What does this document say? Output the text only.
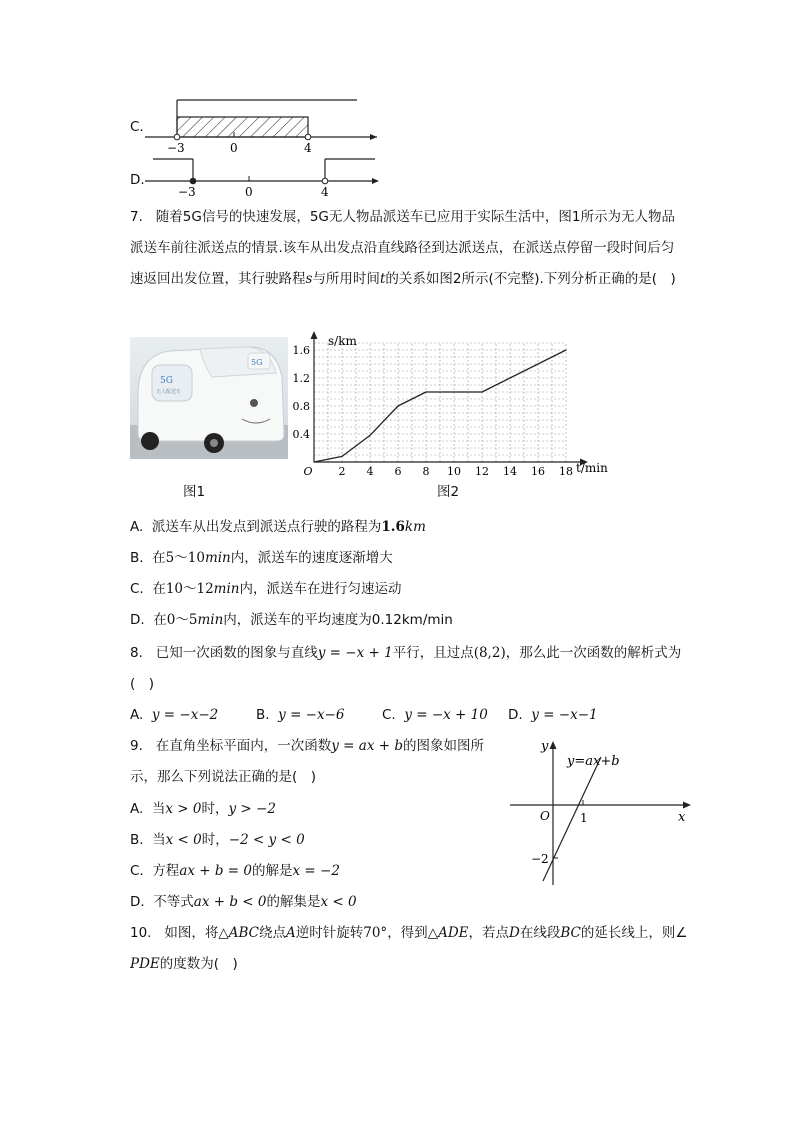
C.
−3	0	4
D.
−3	0	4
7. 随着5G信号的快速发展，5G无人物品派送车已应用于实际生活中，图1所示为无人物品
派送车前往派送点的情景.该车从出发点沿直线路径到达派送点，在派送点停留一段时间后匀
速返回出发位置，其行驶路程s与所用时间t的关系如图2所示(不完整).下列分析正确的是(　)
5G
无人配送车
5G
图1
2 4 6 8 10 12 14 16 18
0.4
0.8
1.2
1.6
O
s/km
t/min
图2
A. 派送车从出发点到派送点行驶的路程为1.6km
B. 在5～10min内，派送车的速度逐渐增大
C. 在10～12min内，派送车在进行匀速运动
D. 在0～5min内，派送车的平均速度为0.12km/min
8. 已知一次函数的图象与直线y = −x + 1平行，且过点(8,2)，那么此一次函数的解析式为
(　)
A. y = −x−2	B. y = −x−6	C. y = −x + 10 D. y = −x−1
9. 在直角坐标平面内，一次函数y = ax + b的图象如图所
示，那么下列说法正确的是(　)
A. 当x > 0时，y > −2
B. 当x < 0时，−2 < y < 0
C. 方程ax + b = 0的解是x = −2
D. 不等式ax + b < 0的解集是x < 0
y
x
O	1
−2
y=ax+b
10. 如图，将△ABC绕点A逆时针旋转70°，得到△ADE，若点D在线段BC的延长线上，则∠
PDE的度数为(　)
